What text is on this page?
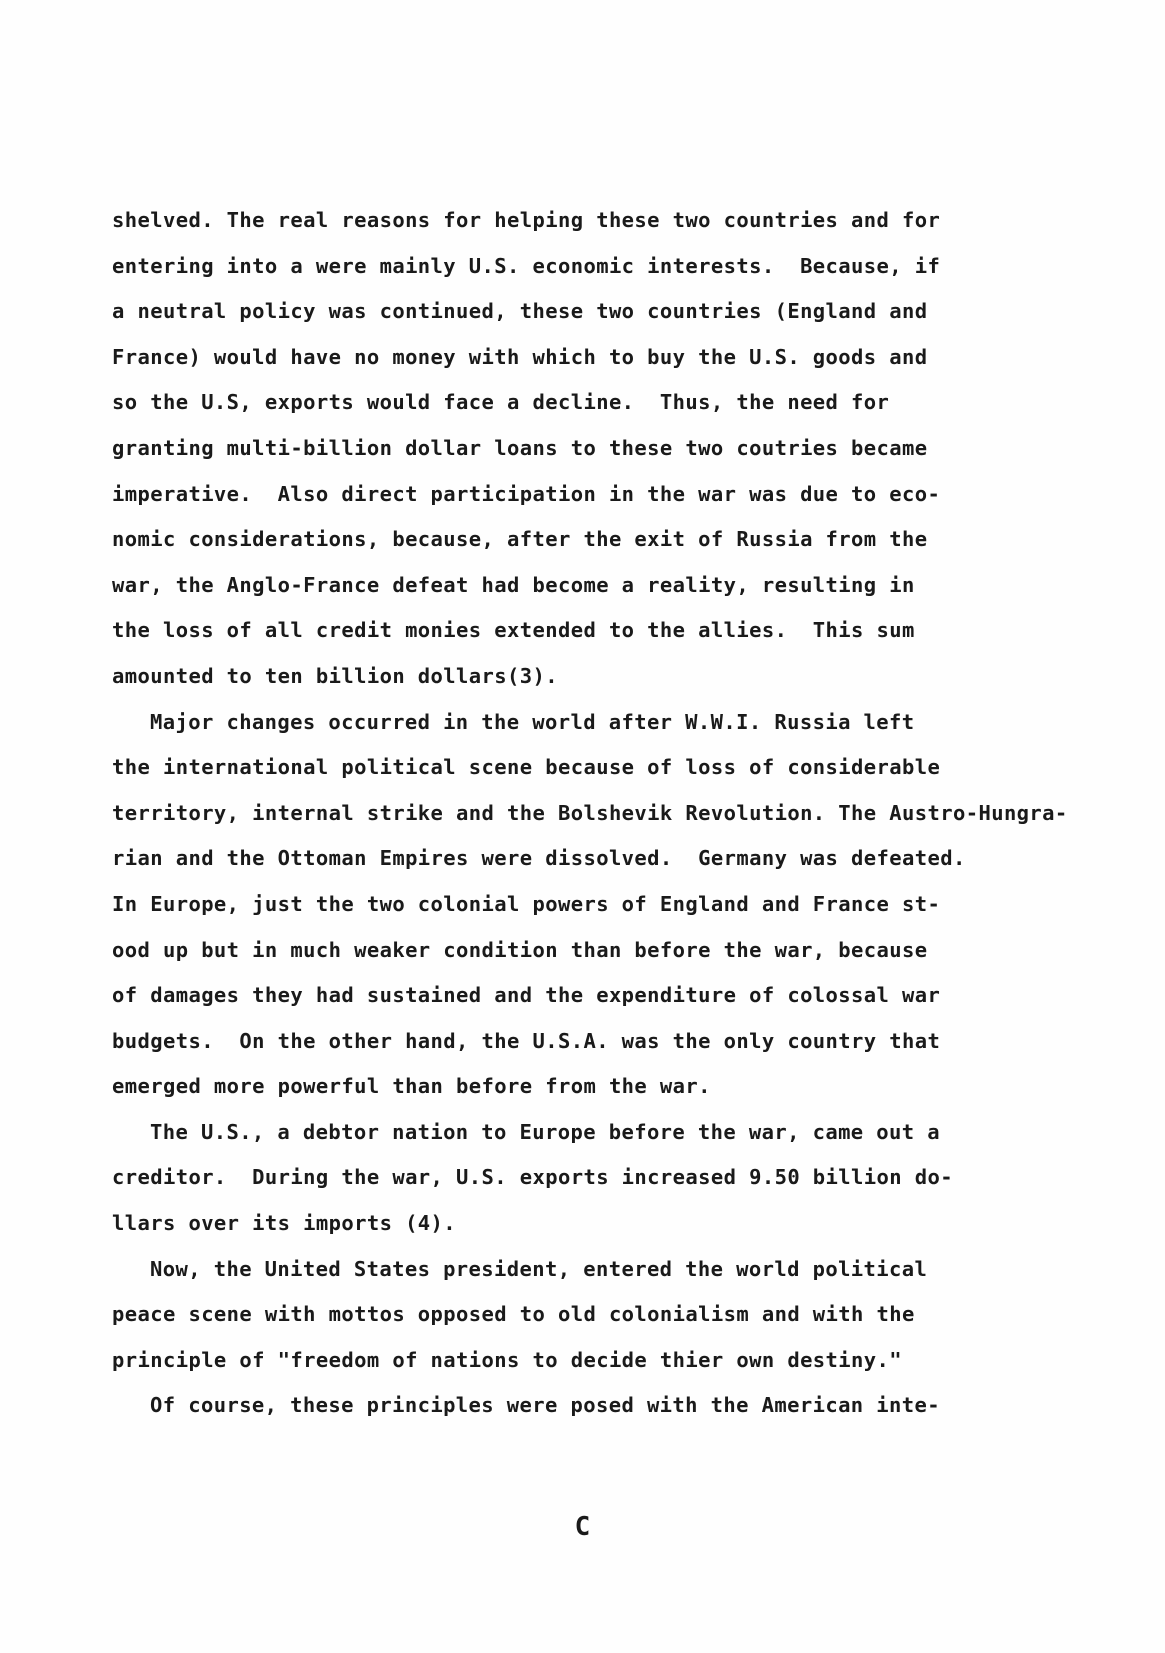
shelved. The real reasons for helping these two countries and for
entering into a were mainly U.S. economic interests.  Because, if
a neutral policy was continued, these two countries (England and
France) would have no money with which to buy the U.S. goods and
so the U.S, exports would face a decline.  Thus, the need for
granting multi-billion dollar loans to these two coutries became
imperative.  Also direct participation in the war was due to eco-
nomic considerations, because, after the exit of Russia from the
war, the Anglo-France defeat had become a reality, resulting in
the loss of all credit monies extended to the allies.  This sum
amounted to ten billion dollars(3).
Major changes occurred in the world after W.W.I. Russia left
the international political scene because of loss of considerable
territory, internal strike and the Bolshevik Revolution. The Austro-Hungra-
rian and the Ottoman Empires were dissolved.  Germany was defeated.
In Europe, just the two colonial powers of England and France st-
ood up but in much weaker condition than before the war, because
of damages they had sustained and the expenditure of colossal war
budgets.  On the other hand, the U.S.A. was the only country that
emerged more powerful than before from the war.
The U.S., a debtor nation to Europe before the war, came out a
creditor.  During the war, U.S. exports increased 9.50 billion do-
llars over its imports (4).
Now, the United States president, entered the world political
peace scene with mottos opposed to old colonialism and with the
principle of "freedom of nations to decide thier own destiny."
Of course, these principles were posed with the American inte-
C
